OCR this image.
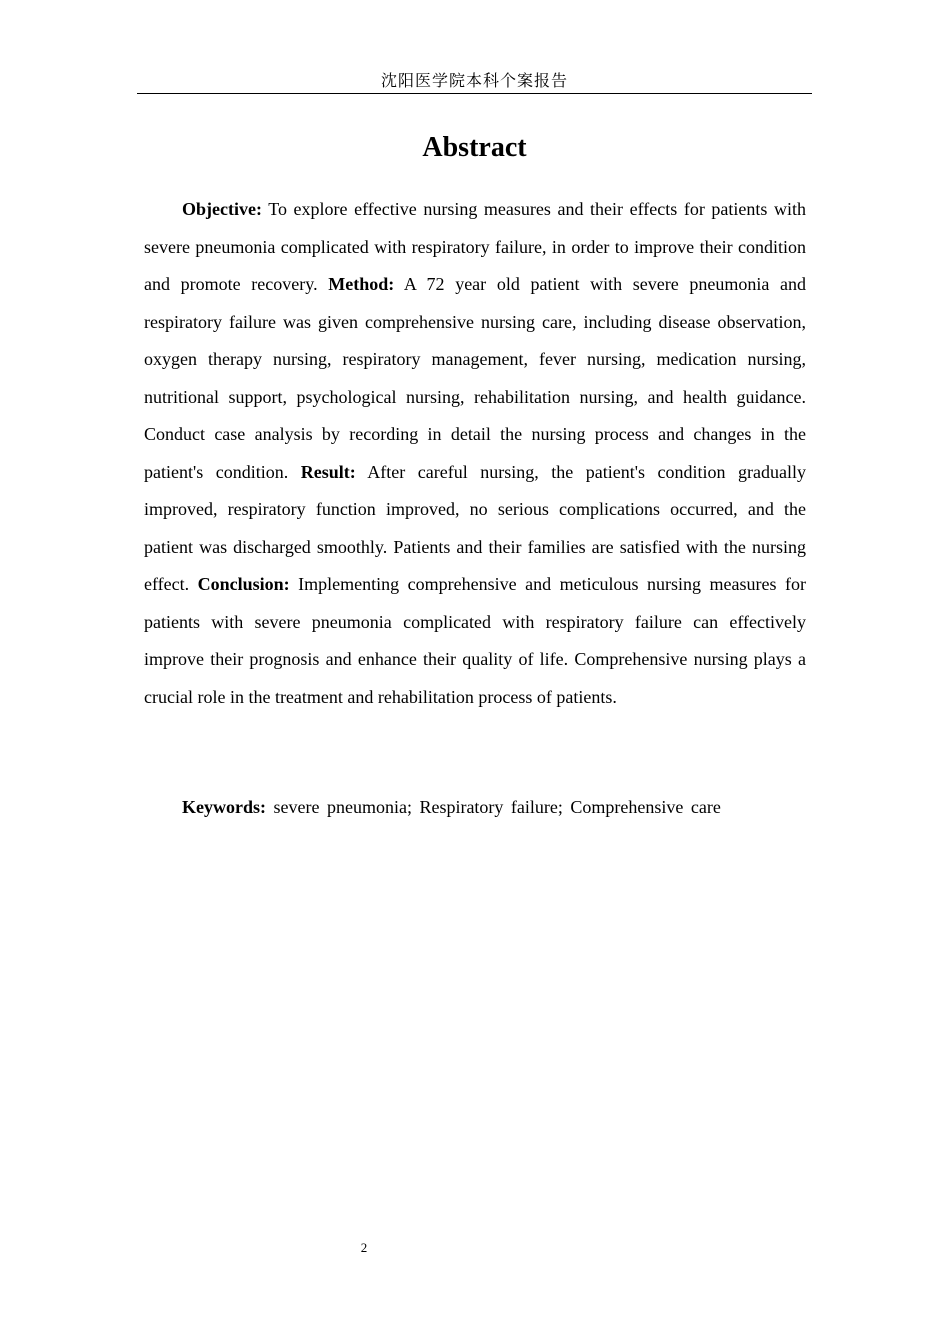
沈阳医学院本科个案报告
Abstract

Objective: To explore effective nursing measures and their effects for patients with severe pneumonia complicated with respiratory failure, in order to improve their condition and promote recovery. Method: A 72 year old patient with severe pneumonia and respiratory failure was given comprehensive nursing care, including disease observation, oxygen therapy nursing, respiratory management, fever nursing, medication nursing, nutritional support, psychological nursing, rehabilitation nursing, and health guidance. Conduct case analysis by recording in detail the nursing process and changes in the patient's condition. Result: After careful nursing, the patient's condition gradually improved, respiratory function improved, no serious complications occurred, and the patient was discharged smoothly. Patients and their families are satisfied with the nursing effect. Conclusion: Implementing comprehensive and meticulous nursing measures for patients with severe pneumonia complicated with respiratory failure can effectively improve their prognosis and enhance their quality of life. Comprehensive nursing plays a crucial role in the treatment and rehabilitation process of patients.

Keywords: severe pneumonia; Respiratory failure; Comprehensive care

2
